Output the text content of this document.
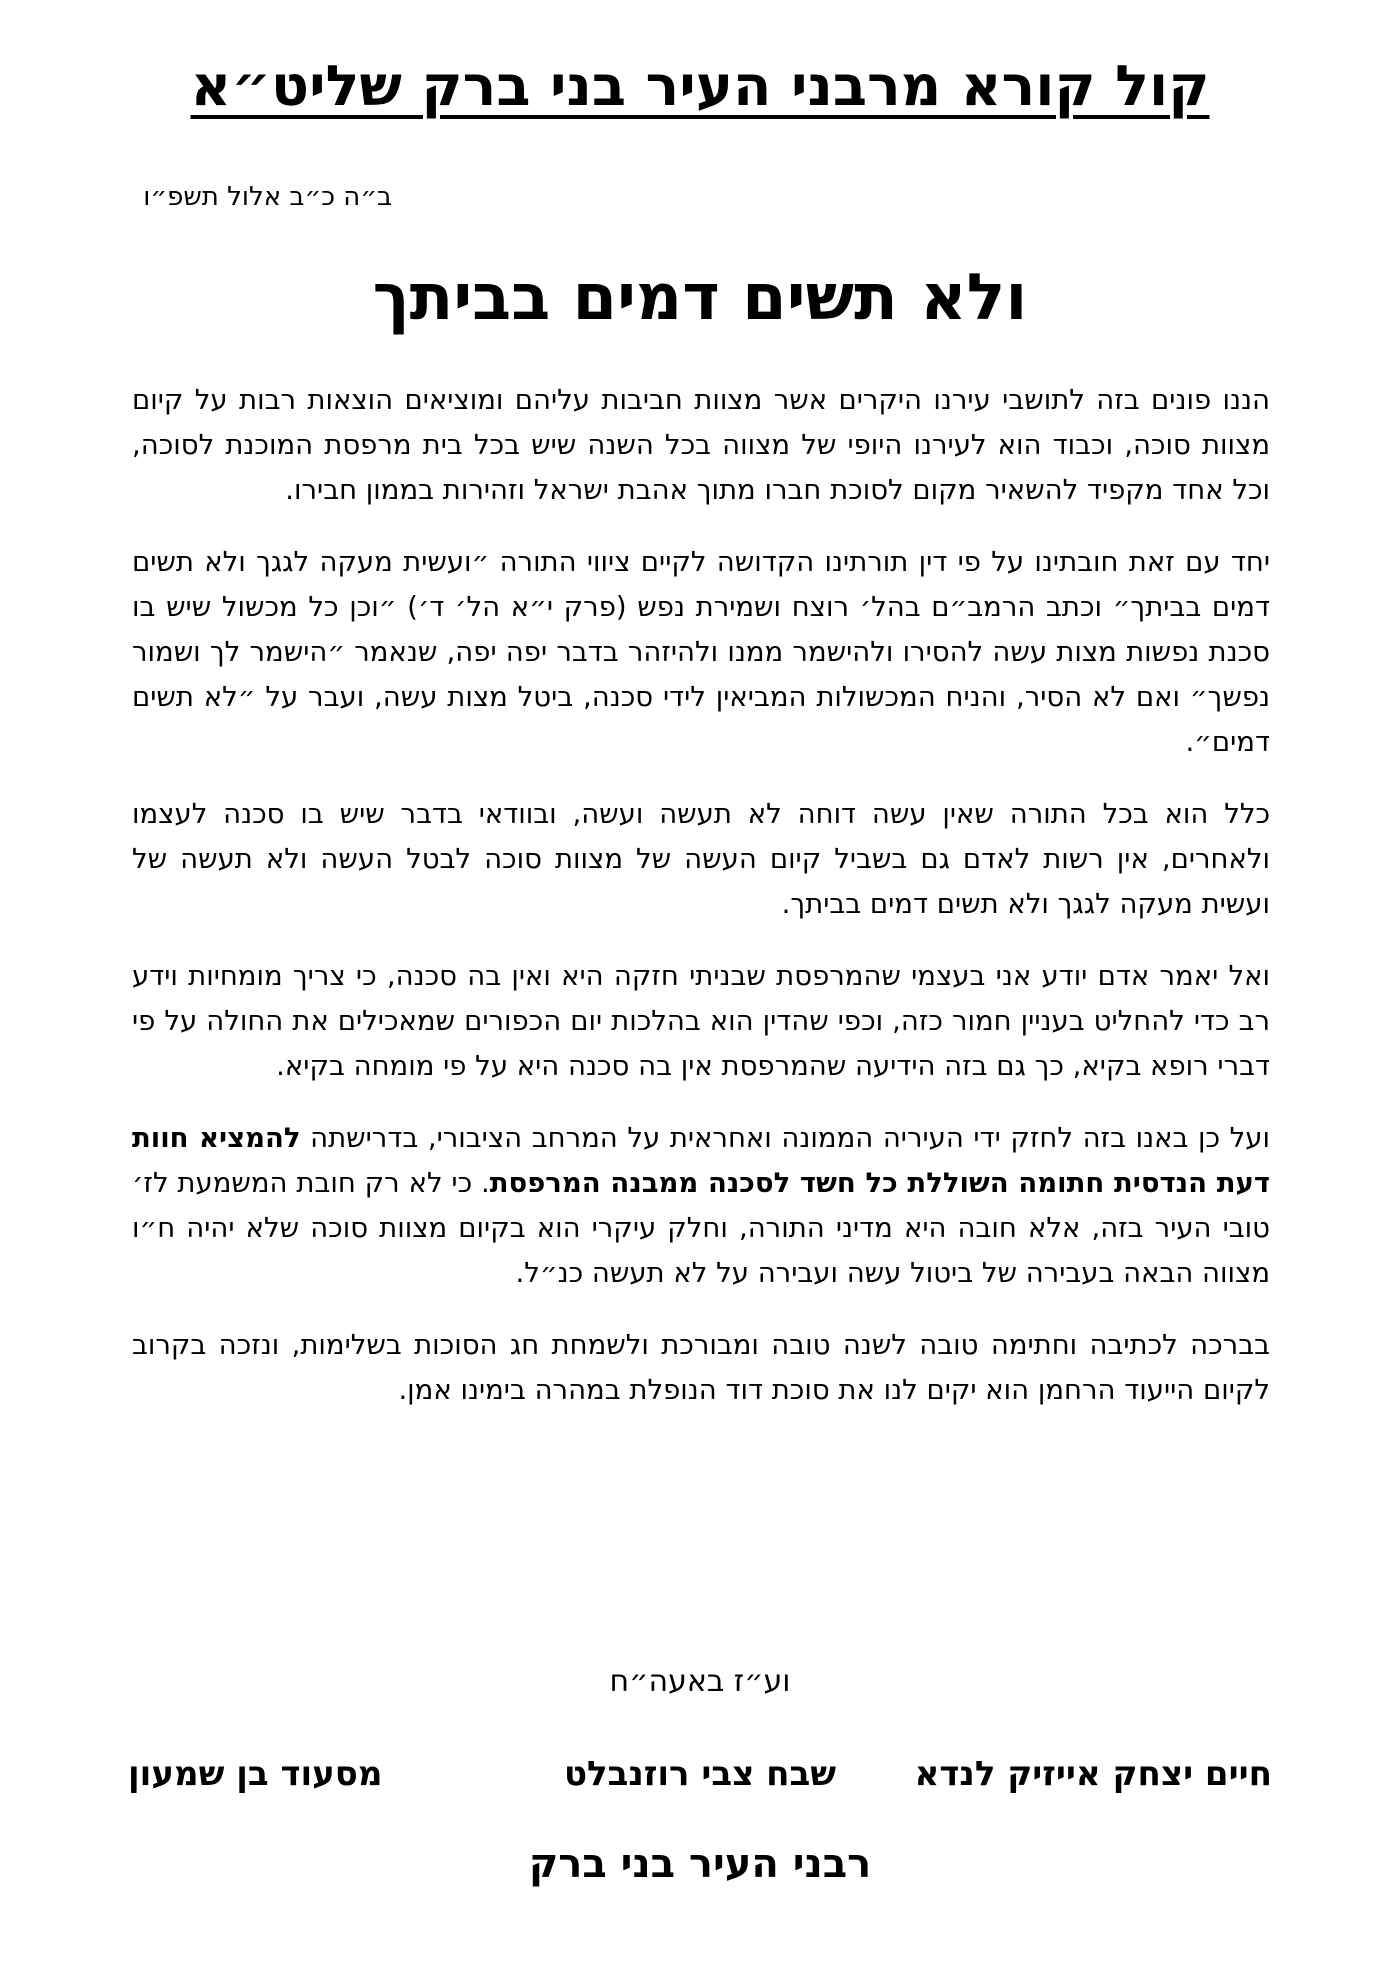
קול קורא מרבני העיר בני ברק שליט״א
ב״ה כ״ב אלול תשפ״ו
ולא תשים דמים בביתך

הננו פונים בזה לתושבי עירנו היקרים אשר מצוות חביבות עליהם ומוציאים הוצאות רבות על קיום מצוות סוכה, וכבוד הוא לעירנו היופי של מצווה בכל השנה שיש בכל בית מרפסת המוכנת לסוכה, וכל אחד מקפיד להשאיר מקום לסוכת חברו מתוך אהבת ישראל וזהירות בממון חבירו.

יחד עם זאת חובתינו על פי דין תורתינו הקדושה לקיים ציווי התורה ״ועשית מעקה לגגך ולא תשים דמים בביתך״ וכתב הרמב״ם בהל׳ רוצח ושמירת נפש (פרק י״א הל׳ ד׳) ״וכן כל מכשול שיש בו סכנת נפשות מצות עשה להסירו ולהישמר ממנו ולהיזהר בדבר יפה יפה, שנאמר ״הישמר לך ושמור נפשך״ ואם לא הסיר, והניח המכשולות המביאין לידי סכנה, ביטל מצות עשה, ועבר על ״לא תשים דמים״.

כלל הוא בכל התורה שאין עשה דוחה לא תעשה ועשה, ובוודאי בדבר שיש בו סכנה לעצמו ולאחרים, אין רשות לאדם גם בשביל קיום העשה של מצוות סוכה לבטל העשה ולא תעשה של ועשית מעקה לגגך ולא תשים דמים בביתך.

ואל יאמר אדם יודע אני בעצמי שהמרפסת שבניתי חזקה היא ואין בה סכנה, כי צריך מומחיות וידע רב כדי להחליט בעניין חמור כזה, וכפי שהדין הוא בהלכות יום הכפורים שמאכילים את החולה על פי דברי רופא בקיא, כך גם בזה הידיעה שהמרפסת אין בה סכנה היא על פי מומחה בקיא.

ועל כן באנו בזה לחזק ידי העיריה הממונה ואחראית על המרחב הציבורי, בדרישתה להמציא חוות דעת הנדסית חתומה השוללת כל חשד לסכנה ממבנה המרפסת. כי לא רק חובת המשמעת לז׳ טובי העיר בזה, אלא חובה היא מדיני התורה, וחלק עיקרי הוא בקיום מצוות סוכה שלא יהיה ח״ו מצווה הבאה בעבירה של ביטול עשה ועבירה על לא תעשה כנ״ל.

בברכה לכתיבה וחתימה טובה לשנה טובה ומבורכת ולשמחת חג הסוכות בשלימות, ונזכה בקרוב לקיום הייעוד הרחמן הוא יקים לנו את סוכת דוד הנופלת במהרה בימינו אמן.

וע״ז באעה״ח
חיים יצחק אייזיק לנדא
שבח צבי רוזנבלט
מסעוד בן שמעון
רבני העיר בני ברק
